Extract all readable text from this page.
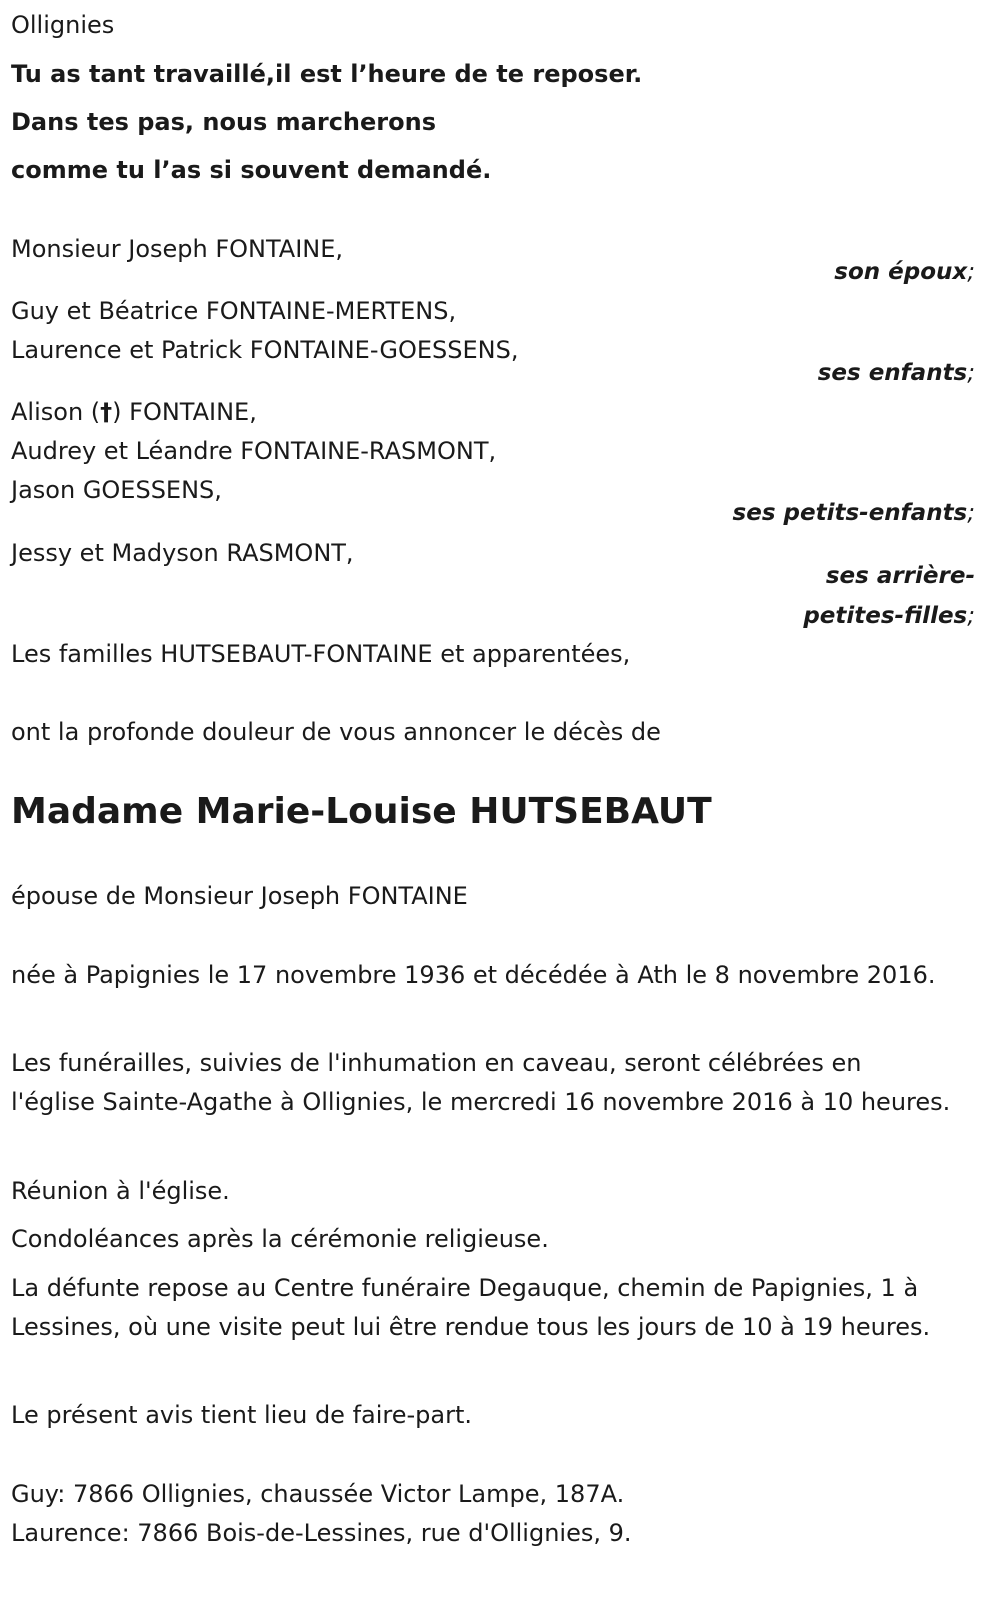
Ollignies
Tu as tant travaillé,il est l’heure de te reposer.
Dans tes pas, nous marcherons
comme tu l’as si souvent demandé.
Monsieur Joseph FONTAINE,
son époux;
Guy et Béatrice FONTAINE-MERTENS,
Laurence et Patrick FONTAINE-GOESSENS,
ses enfants;
Alison (†) FONTAINE,
Audrey et Léandre FONTAINE-RASMONT,
Jason GOESSENS,
ses petits-enfants;
Jessy et Madyson RASMONT,
ses arrière-
petites-filles;
Les familles HUTSEBAUT-FONTAINE et apparentées,
ont la profonde douleur de vous annoncer le décès de
Madame Marie-Louise HUTSEBAUT
épouse de Monsieur Joseph FONTAINE
née à Papignies le 17 novembre 1936 et décédée à Ath le 8 novembre 2016.
Les funérailles, suivies de l'inhumation en caveau, seront célébrées en l'église Sainte-Agathe à Ollignies, le mercredi 16 novembre 2016 à 10 heures.
Réunion à l'église.
Condoléances après la cérémonie religieuse.
La défunte repose au Centre funéraire Degauque, chemin de Papignies, 1 à Lessines, où une visite peut lui être rendue tous les jours de 10 à 19 heures.
Le présent avis tient lieu de faire-part.
Guy: 7866 Ollignies, chaussée Victor Lampe, 187A.
Laurence: 7866 Bois-de-Lessines, rue d'Ollignies, 9.
